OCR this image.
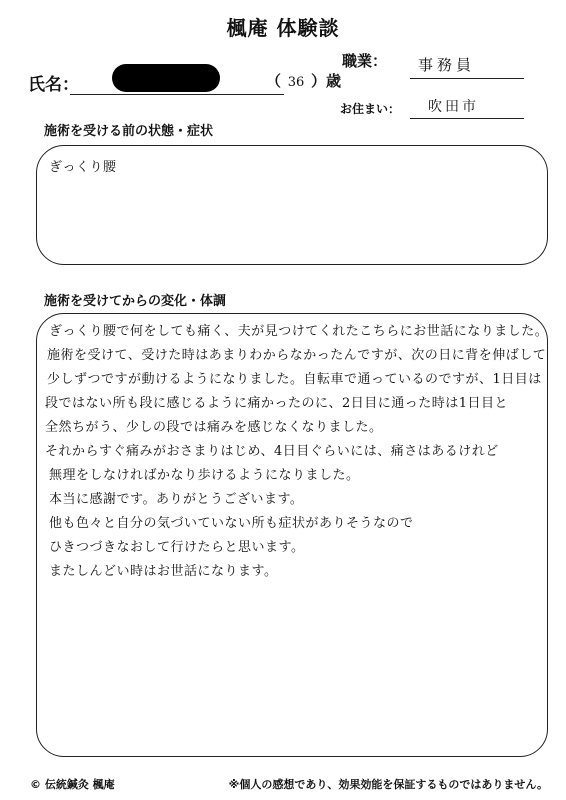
楓庵 体験談
氏名：	（ 36 ）歳
職業： 事務員
お住まい： 吹田市
施術を受ける前の状態・症状
ぎっくり腰
施術を受けてからの変化・体調
ぎっくり腰で何をしても痛く、夫が見つけてくれたこちらにお世話になりました。
施術を受けて、受けた時はあまりわからなかったんですが、次の日に背を伸ばして
少しずつですが動けるようになりました。自転車で通っているのですが、1日目は
段ではない所も段に感じるように痛かったのに、2日目に通った時は1日目と
全然ちがう、少しの段では痛みを感じなくなりました。
それからすぐ痛みがおさまりはじめ、4日目ぐらいには、痛さはあるけれど
無理をしなければかなり歩けるようになりました。
本当に感謝です。ありがとうございます。
他も色々と自分の気づいていない所も症状がありそうなので
ひきつづきなおして行けたらと思います。
またしんどい時はお世話になります。
© 伝統鍼灸 楓庵	※個人の感想であり、効果効能を保証するものではありません。
